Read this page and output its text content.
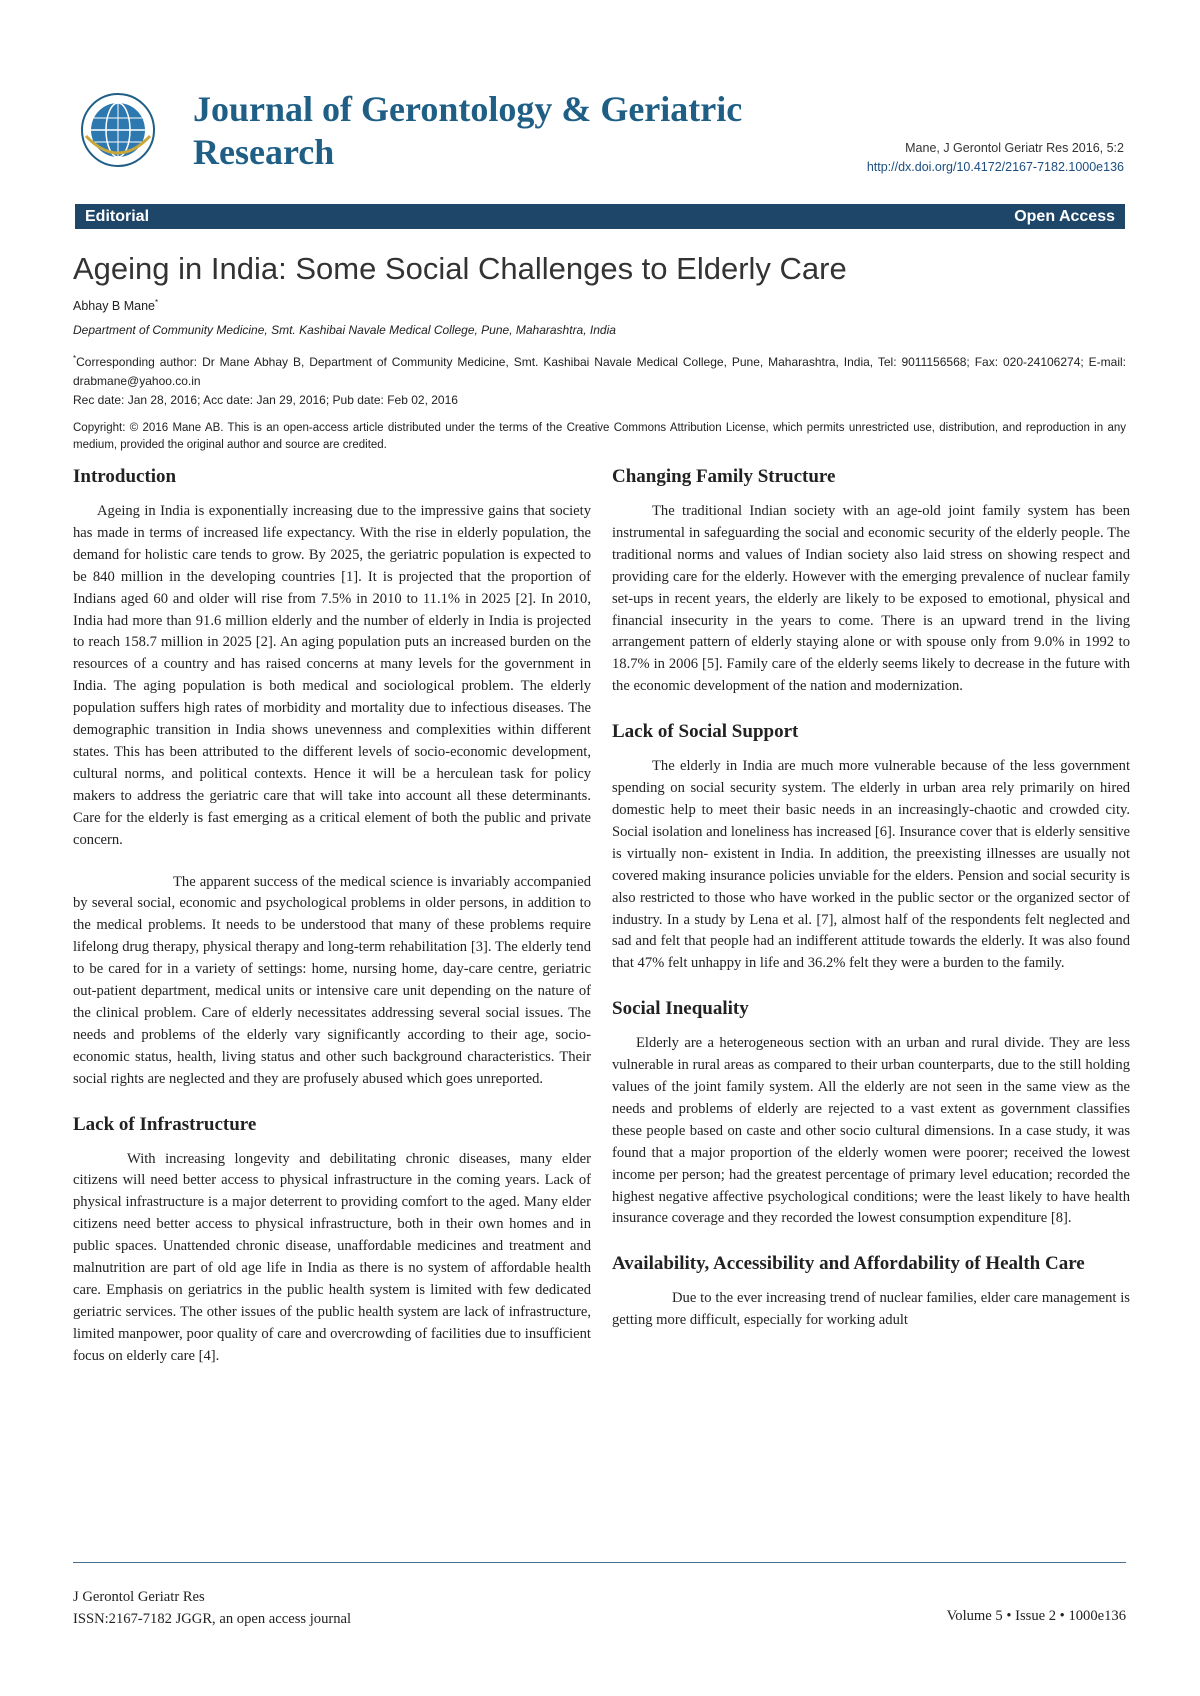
Journal of Gerontology & Geriatric Research	Mane, J Gerontol Geriatr Res 2016, 5:2
http://dx.doi.org/10.4172/2167-7182.1000e136
Editorial	Open Access
Ageing in India: Some Social Challenges to Elderly Care
Abhay B Mane*
Department of Community Medicine, Smt. Kashibai Navale Medical College, Pune, Maharashtra, India
*Corresponding author: Dr Mane Abhay B, Department of Community Medicine, Smt. Kashibai Navale Medical College, Pune, Maharashtra, India, Tel: 9011156568; Fax: 020-24106274; E-mail: drabmane@yahoo.co.in
Rec date: Jan 28, 2016; Acc date: Jan 29, 2016; Pub date: Feb 02, 2016
Copyright: © 2016 Mane AB. This is an open-access article distributed under the terms of the Creative Commons Attribution License, which permits unrestricted use, distribution, and reproduction in any medium, provided the original author and source are credited.
Introduction

Ageing in India is exponentially increasing due to the impressive gains that society has made in terms of increased life expectancy. With the rise in elderly population, the demand for holistic care tends to grow. By 2025, the geriatric population is expected to be 840 million in the developing countries [1]. It is projected that the proportion of Indians aged 60 and older will rise from 7.5% in 2010 to 11.1% in 2025 [2]. In 2010, India had more than 91.6 million elderly and the number of elderly in India is projected to reach 158.7 million in 2025 [2]. An aging population puts an increased burden on the resources of a country and has raised concerns at many levels for the government in India. The aging population is both medical and sociological problem. The elderly population suffers high rates of morbidity and mortality due to infectious diseases. The demographic transition in India shows unevenness and complexities within different states. This has been attributed to the different levels of socio-economic development, cultural norms, and political contexts. Hence it will be a herculean task for policy makers to address the geriatric care that will take into account all these determinants. Care for the elderly is fast emerging as a critical element of both the public and private concern.

The apparent success of the medical science is invariably accompanied by several social, economic and psychological problems in older persons, in addition to the medical problems. It needs to be understood that many of these problems require lifelong drug therapy, physical therapy and long-term rehabilitation [3]. The elderly tend to be cared for in a variety of settings: home, nursing home, day-care centre, geriatric out-patient department, medical units or intensive care unit depending on the nature of the clinical problem. Care of elderly necessitates addressing several social issues. The needs and problems of the elderly vary significantly according to their age, socio-economic status, health, living status and other such background characteristics. Their social rights are neglected and they are profusely abused which goes unreported.

Lack of Infrastructure

With increasing longevity and debilitating chronic diseases, many elder citizens will need better access to physical infrastructure in the coming years. Lack of physical infrastructure is a major deterrent to providing comfort to the aged. Many elder citizens need better access to physical infrastructure, both in their own homes and in public spaces. Unattended chronic disease, unaffordable medicines and treatment and malnutrition are part of old age life in India as there is no system of affordable health care. Emphasis on geriatrics in the public health system is limited with few dedicated geriatric services. The other issues of the public health system are lack of infrastructure, limited manpower, poor quality of care and overcrowding of facilities due to insufficient focus on elderly care [4].

Changing Family Structure

The traditional Indian society with an age-old joint family system has been instrumental in safeguarding the social and economic security of the elderly people. The traditional norms and values of Indian society also laid stress on showing respect and providing care for the elderly. However with the emerging prevalence of nuclear family set-ups in recent years, the elderly are likely to be exposed to emotional, physical and financial insecurity in the years to come. There is an upward trend in the living arrangement pattern of elderly staying alone or with spouse only from 9.0% in 1992 to 18.7% in 2006 [5]. Family care of the elderly seems likely to decrease in the future with the economic development of the nation and modernization.

Lack of Social Support

The elderly in India are much more vulnerable because of the less government spending on social security system. The elderly in urban area rely primarily on hired domestic help to meet their basic needs in an increasingly-chaotic and crowded city. Social isolation and loneliness has increased [6]. Insurance cover that is elderly sensitive is virtually non- existent in India. In addition, the preexisting illnesses are usually not covered making insurance policies unviable for the elders. Pension and social security is also restricted to those who have worked in the public sector or the organized sector of industry. In a study by Lena et al. [7], almost half of the respondents felt neglected and sad and felt that people had an indifferent attitude towards the elderly. It was also found that 47% felt unhappy in life and 36.2% felt they were a burden to the family.

Social Inequality

Elderly are a heterogeneous section with an urban and rural divide. They are less vulnerable in rural areas as compared to their urban counterparts, due to the still holding values of the joint family system. All the elderly are not seen in the same view as the needs and problems of elderly are rejected to a vast extent as government classifies these people based on caste and other socio cultural dimensions. In a case study, it was found that a major proportion of the elderly women were poorer; received the lowest income per person; had the greatest percentage of primary level education; recorded the highest negative affective psychological conditions; were the least likely to have health insurance coverage and they recorded the lowest consumption expenditure [8].

Availability, Accessibility and Affordability of Health Care

Due to the ever increasing trend of nuclear families, elder care management is getting more difficult, especially for working adult

J Gerontol Geriatr Res
ISSN:2167-7182 JGGR, an open access journal	Volume 5 • Issue 2 • 1000e136
